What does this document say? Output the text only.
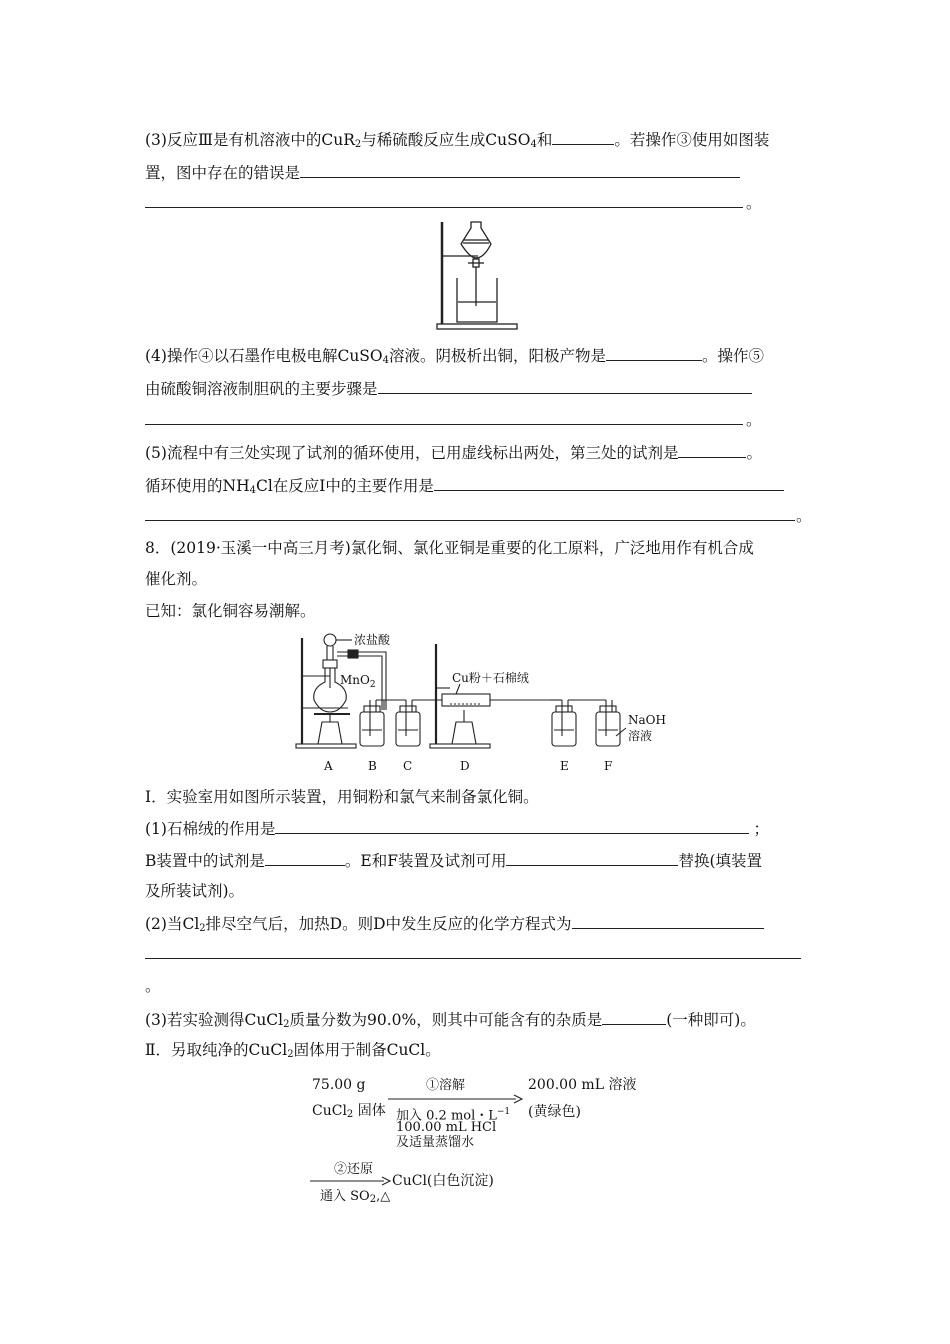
(3)反应Ⅲ是有机溶液中的CuR$_2$与稀硫酸反应生成CuSO$_4$和	。若操作③使用如图装
置，图中存在的错误是
。
(4)操作④以石墨作电极电解CuSO$_4$溶液。阴极析出铜，阳极产物是	。操作⑤
由硫酸铜溶液制胆矾的主要步骤是
。
(5)流程中有三处实现了试剂的循环使用，已用虚线标出两处，第三处的试剂是	。
循环使用的$NH_4Cl$在反应Ⅰ中的主要作用是
。
8．(2019·玉溪一中高三月考)氯化铜、氯化亚铜是重要的化工原料，广泛地用作有机合成
催化剂。
已知：氯化铜容易潮解。
浓盐酸
MnO$_2$	Cu粉＋石棉绒
NaOH
溶液
A	B C	D	E	F
Ⅰ．实验室用如图所示装置，用铜粉和氯气来制备氯化铜。
(1)石棉绒的作用是	；
B装置中的试剂是	。E和F装置及试剂可用	替换(填装置
及所装试剂)。
(2)当$Cl_2$排尽空气后，加热D。则D中发生反应的化学方程式为
。
(3)若实验测得CuCl$_2$质量分数为90.0%，则其中可能含有的杂质是	(一种即可)。
Ⅱ．另取纯净的CuCl$_2$固体用于制备CuCl。
75.00 g
CuCl$_2$ 固体
①溶解	200.00 mL 溶液
加入 0.2 mol・$L^{-1}$ (黄绿色)
100.00 mL HCl
及适量蒸馏水
②还原
CuCl(白色沉淀)
通入 $SO_2,\triangle$
